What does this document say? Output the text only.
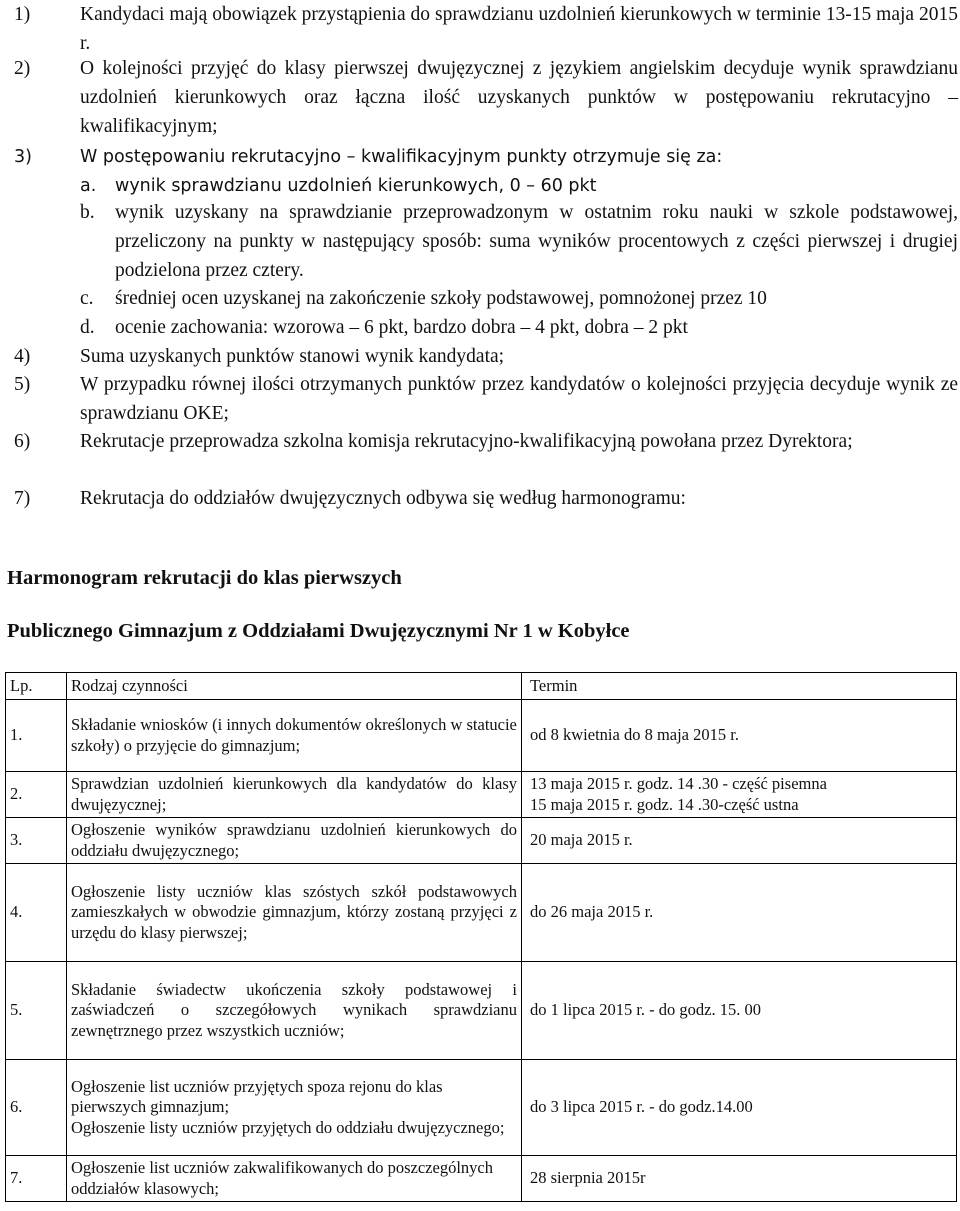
1)	Kandydaci mają obowiązek przystąpienia do sprawdzianu uzdolnień kierunkowych w terminie 13-15 maja 2015 r.
2)	O kolejności przyjęć do klasy pierwszej dwujęzycznej z językiem angielskim decyduje wynik sprawdzianu uzdolnień kierunkowych oraz łączna ilość uzyskanych punktów w postępowaniu rekrutacyjno – kwalifikacyjnym;
3)	W postępowaniu rekrutacyjno – kwalifikacyjnym punkty otrzymuje się za:
a. wynik sprawdzianu uzdolnień kierunkowych, 0 – 60 pkt
b. wynik uzyskany na sprawdzianie przeprowadzonym w ostatnim roku nauki w szkole podstawowej, przeliczony na punkty w następujący sposób: suma wyników procentowych z części pierwszej i drugiej podzielona przez cztery.
c. średniej ocen uzyskanej na zakończenie szkoły podstawowej, pomnożonej przez 10
d. ocenie zachowania: wzorowa – 6 pkt, bardzo dobra – 4 pkt, dobra – 2 pkt
4)	Suma uzyskanych punktów stanowi wynik kandydata;
5)	W przypadku równej ilości otrzymanych punktów przez kandydatów o kolejności przyjęcia decyduje wynik ze sprawdzianu OKE;
6)	Rekrutacje przeprowadza szkolna komisja rekrutacyjno-kwalifikacyjną powołana przez Dyrektora;
7)	Rekrutacja do oddziałów dwujęzycznych odbywa się według harmonogramu:
Harmonogram rekrutacji do klas pierwszych
Publicznego Gimnazjum z Oddziałami Dwujęzycznymi Nr 1 w Kobyłce
Lp.	Rodzaj czynności	Termin
1.	Składanie wniosków (i innych dokumentów określonych w statucie szkoły) o przyjęcie do gimnazjum;	od 8 kwietnia do 8 maja 2015 r.
2.	Sprawdzian uzdolnień kierunkowych dla kandydatów do klasy dwujęzycznej;	13 maja 2015 r. godz. 14 .30 - część pisemna
15 maja 2015 r. godz. 14 .30-część ustna

3.	Ogłoszenie wyników sprawdzianu uzdolnień kierunkowych do oddziału dwujęzycznego;	20 maja 2015 r.
4.	Ogłoszenie listy uczniów klas szóstych szkół podstawowych zamieszkałych w obwodzie gimnazjum, którzy zostaną przyjęci z urzędu do klasy pierwszej;	do 26 maja 2015 r.
5.	Składanie świadectw ukończenia szkoły podstawowej i zaświadczeń o szczegółowych wynikach sprawdzianu zewnętrznego przez wszystkich uczniów;	do 1 lipca 2015 r. - do godz. 15. 00
6.	Ogłoszenie list uczniów przyjętych spoza rejonu do klas pierwszych gimnazjum;
Ogłoszenie listy uczniów przyjętych do oddziału dwujęzycznego;	do 3 lipca 2015 r. - do godz.14.00
7.	Ogłoszenie list uczniów zakwalifikowanych do poszczególnych oddziałów klasowych;	28 sierpnia 2015r
